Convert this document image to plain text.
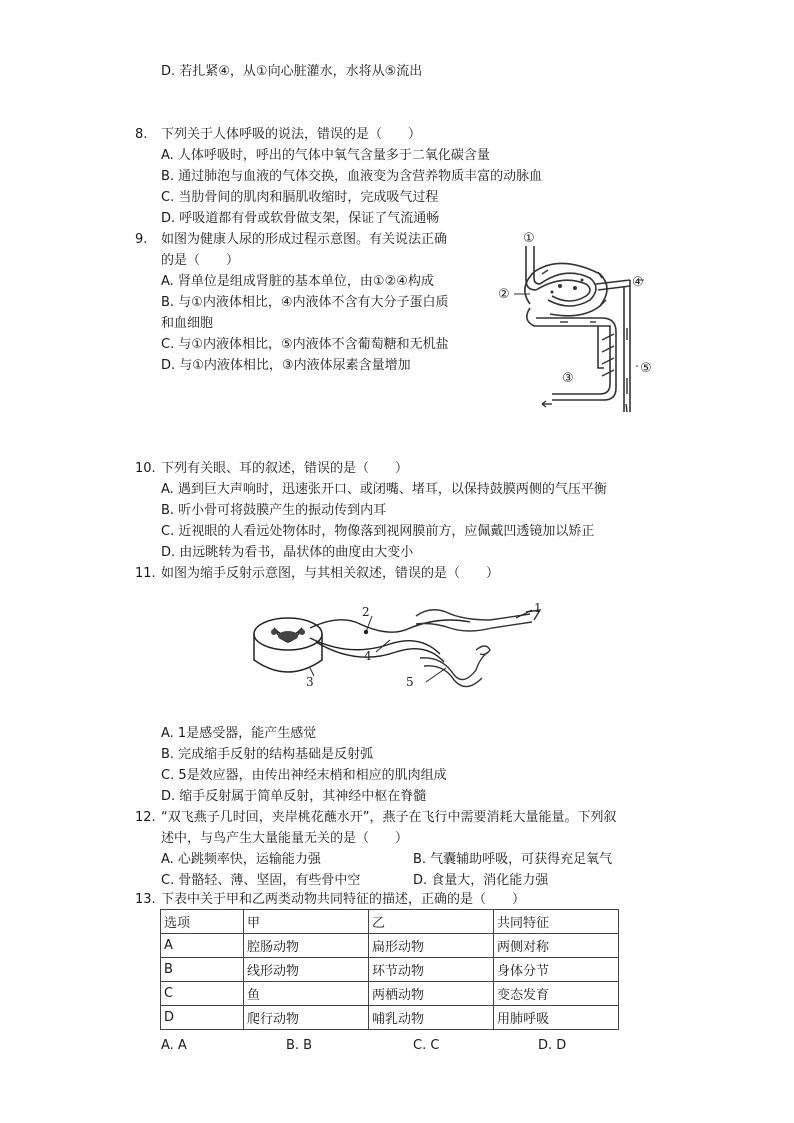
D. 若扎紧④，从①向心脏灌水，水将从⑤流出
8. 下列关于人体呼吸的说法，错误的是（　　）
A. 人体呼吸时，呼出的气体中氧气含量多于二氧化碳含量
B. 通过肺泡与血液的气体交换，血液变为含营养物质丰富的动脉血
C. 当肋骨间的肌肉和膈肌收缩时，完成吸气过程
D. 呼吸道都有骨或软骨做支架，保证了气流通畅
9. 如图为健康人尿的形成过程示意图。有关说法正确
的是（　　）
A. 肾单位是组成肾脏的基本单位，由①②④构成
B. 与①内液体相比，④内液体不含有大分子蛋白质
和血细胞
C. 与①内液体相比，⑤内液体不含葡萄糖和无机盐
D. 与①内液体相比，③内液体尿素含量增加
①
②
③
④
⑤
10. 下列有关眼、耳的叙述，错误的是（　　）
A. 遇到巨大声响时，迅速张开口、或闭嘴、堵耳，以保持鼓膜两侧的气压平衡
B. 听小骨可将鼓膜产生的振动传到内耳
C. 近视眼的人看远处物体时，物像落到视网膜前方，应佩戴凹透镜加以矫正
D. 由远眺转为看书，晶状体的曲度由大变小
11. 如图为缩手反射示意图，与其相关叙述，错误的是（　　）
1
2
3
4
5
A. 1是感受器，能产生感觉
B. 完成缩手反射的结构基础是反射弧
C. 5是效应器，由传出神经末梢和相应的肌肉组成
D. 缩手反射属于简单反射，其神经中枢在脊髓
12. “双飞燕子几时回，夹岸桃花蘸水开”，燕子在飞行中需要消耗大量能量。下列叙
述中，与鸟产生大量能量无关的是（　　）
A. 心跳频率快，运输能力强	B. 气囊辅助呼吸，可获得充足氧气
C. 骨骼轻、薄、坚固，有些骨中空	D. 食量大，消化能力强
13. 下表中关于甲和乙两类动物共同特征的描述，正确的是（　　）
选项	甲	乙	共同特征
A	腔肠动物	扁形动物	两侧对称
B	线形动物	环节动物	身体分节
C	鱼	两栖动物	变态发育
D	爬行动物	哺乳动物	用肺呼吸
A. A	B. B	C. C	D. D
